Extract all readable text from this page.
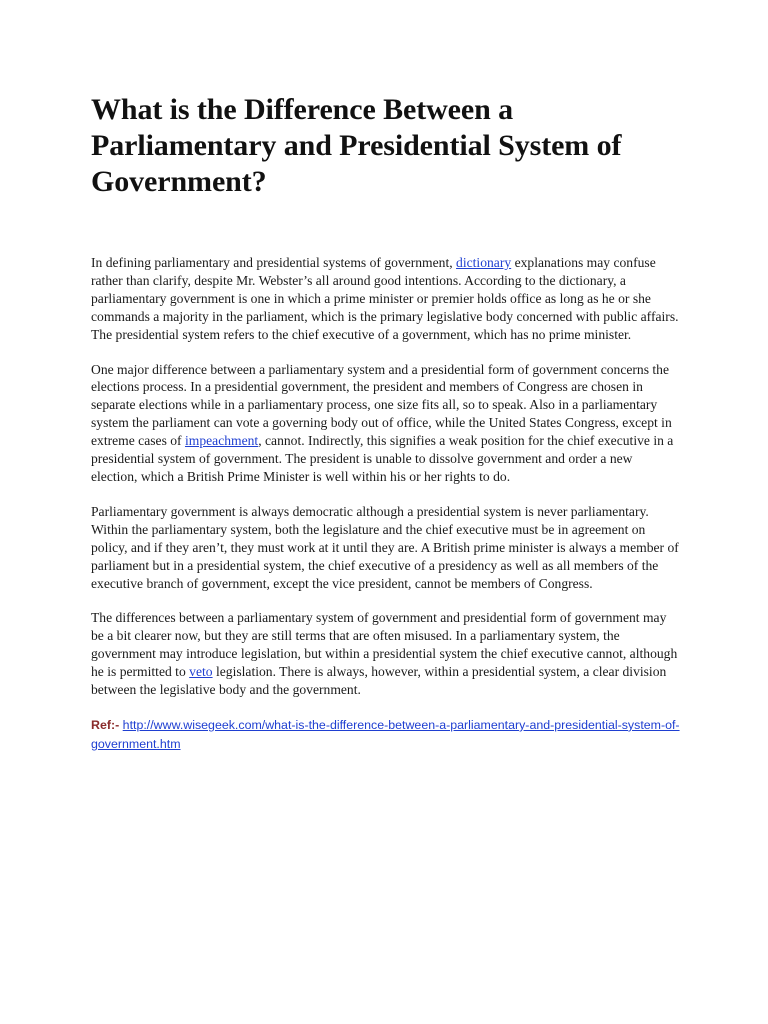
What is the Difference Between a Parliamentary and Presidential System of Government?

In defining parliamentary and presidential systems of government, dictionary explanations may confuse rather than clarify, despite Mr. Webster’s all around good intentions. According to the dictionary, a parliamentary government is one in which a prime minister or premier holds office as long as he or she commands a majority in the parliament, which is the primary legislative body concerned with public affairs. The presidential system refers to the chief executive of a government, which has no prime minister.

One major difference between a parliamentary system and a presidential form of government concerns the elections process. In a presidential government, the president and members of Congress are chosen in separate elections while in a parliamentary process, one size fits all, so to speak. Also in a parliamentary system the parliament can vote a governing body out of office, while the United States Congress, except in extreme cases of impeachment, cannot. Indirectly, this signifies a weak position for the chief executive in a presidential system of government. The president is unable to dissolve government and order a new election, which a British Prime Minister is well within his or her rights to do.

Parliamentary government is always democratic although a presidential system is never parliamentary. Within the parliamentary system, both the legislature and the chief executive must be in agreement on policy, and if they aren’t, they must work at it until they are. A British prime minister is always a member of parliament but in a presidential system, the chief executive of a presidency as well as all members of the executive branch of government, except the vice president, cannot be members of Congress.

The differences between a parliamentary system of government and presidential form of government may be a bit clearer now, but they are still terms that are often misused. In a parliamentary system, the government may introduce legislation, but within a presidential system the chief executive cannot, although he is permitted to veto legislation. There is always, however, within a presidential system, a clear division between the legislative body and the government.

Ref:- http://www.wisegeek.com/what-is-the-difference-between-a-parliamentary-and-presidential-system-of-government.htm
